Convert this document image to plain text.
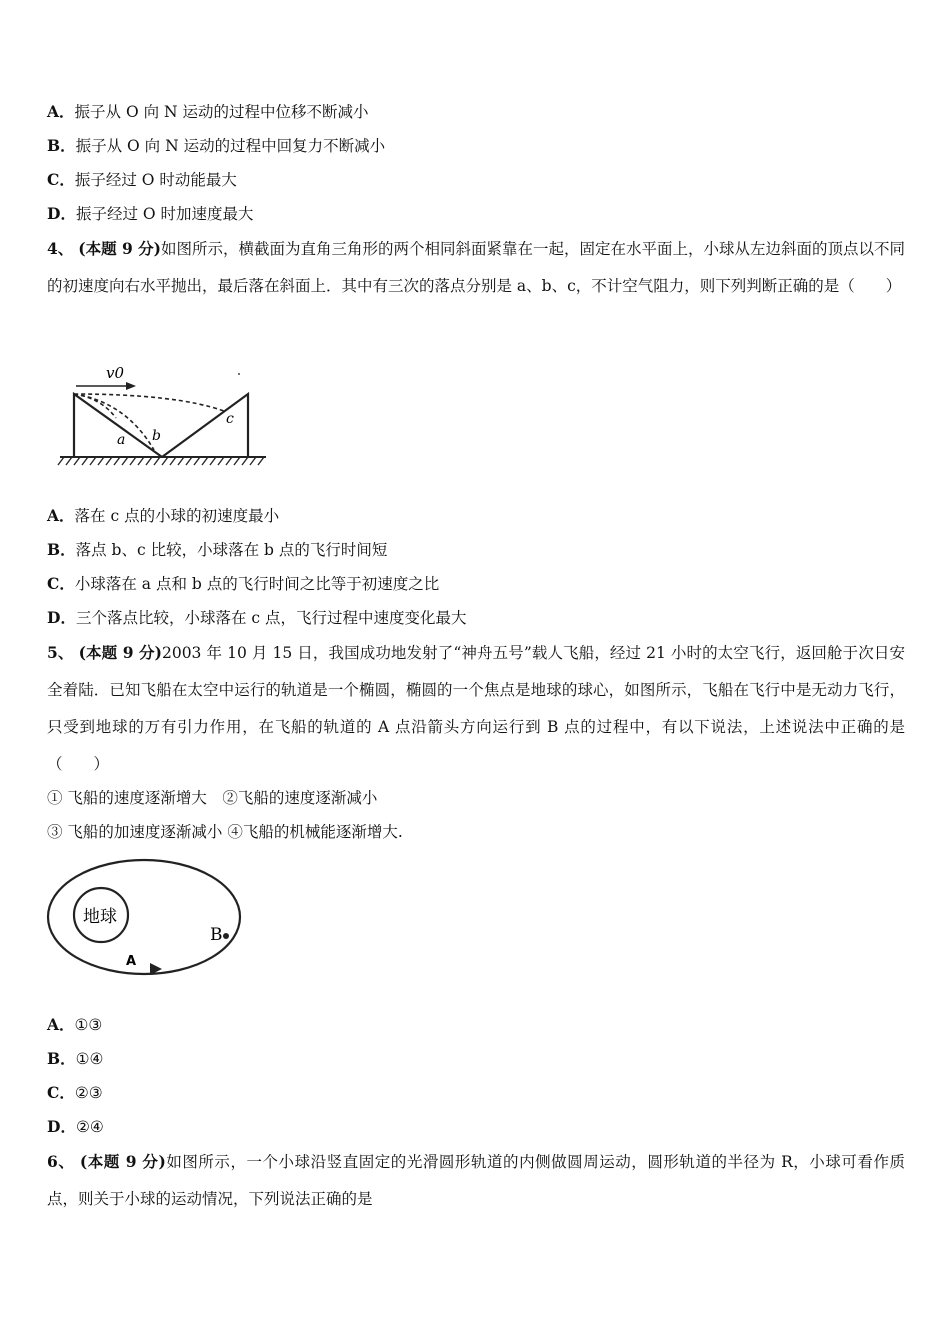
A．振子从 O 向 N 运动的过程中位移不断减小
B．振子从 O 向 N 运动的过程中回复力不断减小
C．振子经过 O 时动能最大
D．振子经过 O 时加速度最大
4、 (本题 9 分)如图所示，横截面为直角三角形的两个相同斜面紧靠在一起，固定在水平面上，小球从左边斜面的顶点以不同的初速度向右水平抛出，最后落在斜面上．其中有三次的落点分别是 a、b、c，不计空气阻力，则下列判断正确的是（　　）
v0
a b
c
A．落在 c 点的小球的初速度最小
B．落点 b、c 比较，小球落在 b 点的飞行时间短
C．小球落在 a 点和 b 点的飞行时间之比等于初速度之比
D．三个落点比较，小球落在 c 点，飞行过程中速度变化最大
5、 (本题 9 分)2003 年 10 月 15 日，我国成功地发射了“神舟五号”载人飞船，经过 21 小时的太空飞行，返回舱于次日安全着陆．已知飞船在太空中运行的轨道是一个椭圆，椭圆的一个焦点是地球的球心，如图所示，飞船在飞行中是无动力飞行，只受到地球的万有引力作用，在飞船的轨道的 A 点沿箭头方向运行到 B 点的过程中，有以下说法，上述说法中正确的是（　　）
① 飞船的速度逐渐增大　②飞船的速度逐渐减小
③ 飞船的加速度逐渐减小 ④飞船的机械能逐渐增大.
地球
A
B
A．①③
B．①④
C．②③
D．②④
6、 (本题 9 分)如图所示，一个小球沿竖直固定的光滑圆形轨道的内侧做圆周运动，圆形轨道的半径为 R，小球可看作质点，则关于小球的运动情况，下列说法正确的是
